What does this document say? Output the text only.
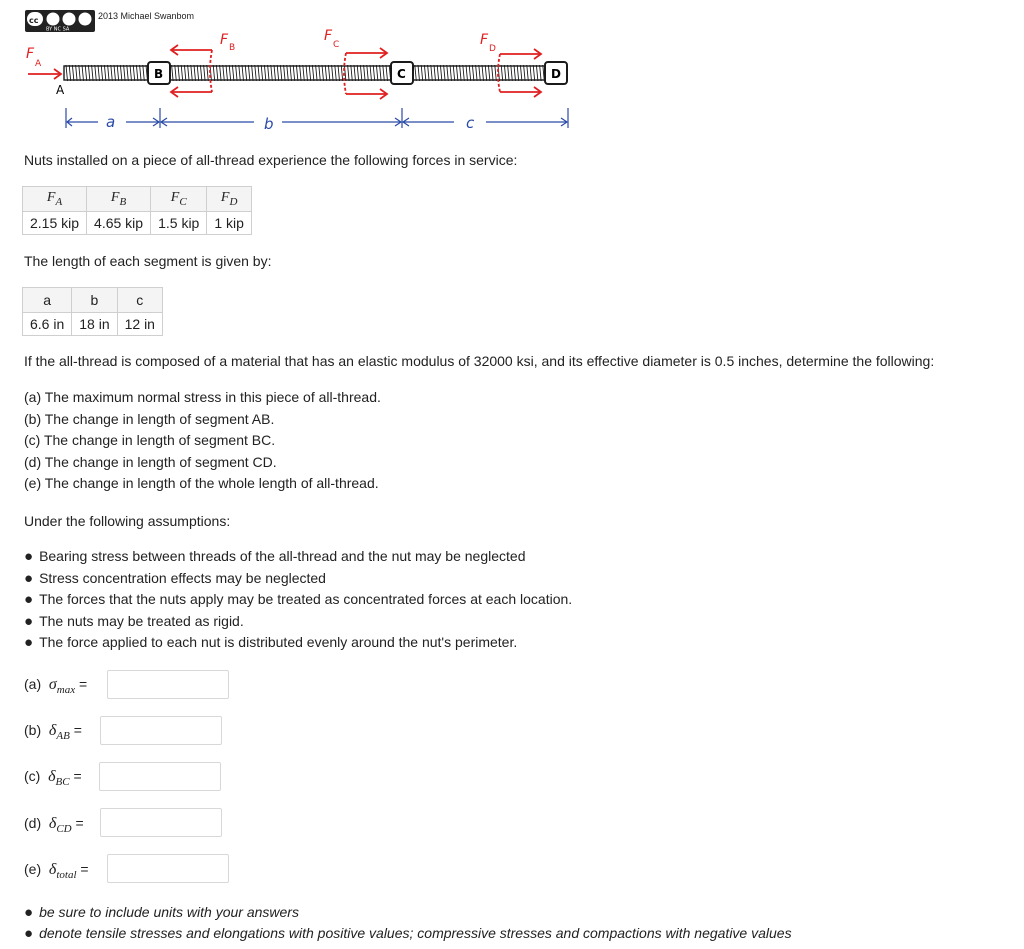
cc
BY NC SA
2013 Michael Swanbom
B	C	D
F
A
A
F B
F
C	F
D
a	b	c
Nuts installed on a piece of all-thread experience the following forces in service:
$F_A$	$F_B$	$F_C$	$F_D$
2.15 kip	4.65 kip	1.5 kip	1 kip
The length of each segment is given by:
a	b	c
6.6 in	18 in	12 in
If the all-thread is composed of a material that has an elastic modulus of 32000 ksi, and its effective diameter is 0.5 inches, determine the following:
(a) The maximum normal stress in this piece of all-thread.
(b) The change in length of segment AB.
(c) The change in length of segment BC.
(d) The change in length of segment CD.
(e) The change in length of the whole length of all-thread.
Under the following assumptions:
● Bearing stress between threads of the all-thread and the nut may be neglected
● Stress concentration effects may be neglected
● The forces that the nuts apply may be treated as concentrated forces at each location.
● The nuts may be treated as rigid.
● The force applied to each nut is distributed evenly around the nut's perimeter.
(a) $\sigma_{max}$ =
(b) $\delta_{AB}$ =
(c) $\delta_{BC}$ =
(d) $\delta_{CD}$ =
(e) $\delta_{total}$ =
● be sure to include units with your answers
● denote tensile stresses and elongations with positive values; compressive stresses and compactions with negative values
